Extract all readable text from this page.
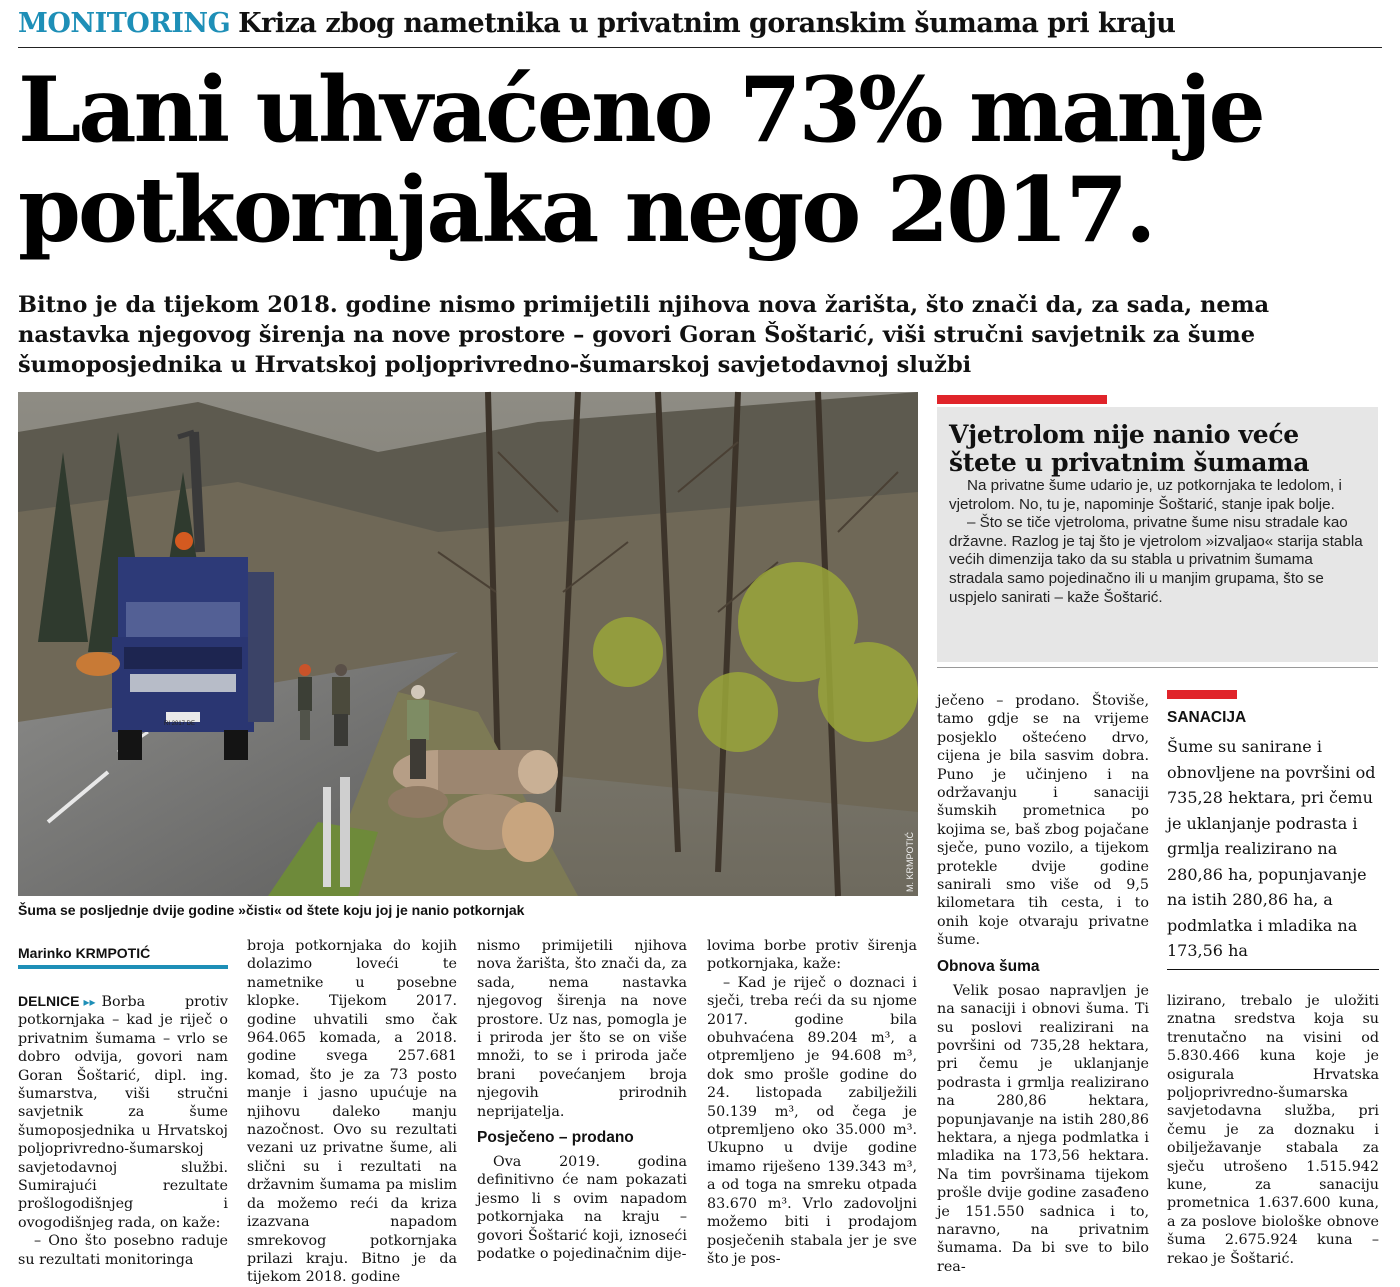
MONITORING Kriza zbog nametnika u privatnim goranskim šumama pri kraju
Lani uhvaćeno 73% manje
potkornjaka nego 2017.

Bitno je da tijekom 2018. godine nismo primijetili njihova nova žarišta, što znači da, za sada, nema nastavka njegovog širenja na nove prostore – govori Goran Šoštarić, viši stručni savjetnik za šume šumoposjednika u Hrvatskoj poljoprivredno-šumarskoj savjetodavnoj službi

M. KRMPOTIĆ
RI 2017 DE
Šuma se posljednje dvije godine »čisti« od štete koju joj je nanio potkornjak
Vjetrolom nije nanio veće štete u privatnim šumama

Na privatne šume udario je, uz potkornjaka te ledolom, i vjetrolom. No, tu je, napominje Šoštarić, stanje ipak bolje.

– Što se tiče vjetroloma, privatne šume nisu stradale kao državne. Razlog je taj što je vjetrolom »izvaljao« starija stabla većih dimenzija tako da su stabla u privatnim šumama stradala samo pojedinačno ili u manjim grupama, što se uspjelo sanirati – kaže Šoštarić.

Marinko KRMPOTIĆ

DELNICE ▸▸ Borba protiv potkornjaka – kad je riječ o privatnim šumama – vrlo se dobro odvija, govori nam Goran Šoštarić, dipl. ing. šumarstva, viši stručni savjetnik za šume šumoposjednika u Hrvatskoj poljoprivredno-šumarskoj savjetodavnoj službi. Sumirajući rezultate prošlogodišnjeg i ovogodišnjeg rada, on kaže:

– Ono što posebno raduje su rezultati monitoringa

broja potkornjaka do kojih dolazimo loveći te nametnike u posebne klopke. Tijekom 2017. godine uhvatili smo čak 964.065 komada, a 2018. godine svega 257.681 komad, što je za 73 posto manje i jasno upućuje na njihovu daleko manju nazočnost. Ovo su rezultati vezani uz privatne šume, ali slični su i rezultati na državnim šumama pa mislim da možemo reći da kriza izazvana napadom smrekovog potkornjaka prilazi kraju. Bitno je da tijekom 2018. godine

nismo primijetili njihova nova žarišta, što znači da, za sada, nema nastavka njegovog širenja na nove prostore. Uz nas, pomogla je i priroda jer što se on više množi, to se i priroda jače brani povećanjem broja njegovih prirodnih neprijatelja.

Posječeno – prodano

Ova 2019. godina definitivno će nam pokazati jesmo li s ovim napadom potkornjaka na kraju – govori Šoštarić koji, iznoseći podatke o pojedinačnim dije-

lovima borbe protiv širenja potkornjaka, kaže:

– Kad je riječ o doznaci i sječi, treba reći da su njome 2017. godine bila obuhvaćena 89.204 m³, a otpremljeno je 94.608 m³, dok smo prošle godine do 24. listopada zabilježili 50.139 m³, od čega je otpremljeno oko 35.000 m³. Ukupno u dvije godine imamo riješeno 139.343 m³, a od toga na smreku otpada 83.670 m³. Vrlo zadovoljni možemo biti i prodajom posječenih stabala jer je sve što je pos-

ječeno – prodano. Štoviše, tamo gdje se na vrijeme posjeklo oštećeno drvo, cijena je bila sasvim dobra. Puno je učinjeno i na održavanju i sanaciji šumskih prometnica po kojima se, baš zbog pojačane sječe, puno vozilo, a tijekom protekle dvije godine sanirali smo više od 9,5 kilometara tih cesta, i to onih koje otvaraju privatne šume.

Obnova šuma

Velik posao napravljen je na sanaciji i obnovi šuma. Ti su poslovi realizirani na površini od 735,28 hektara, pri čemu je uklanjanje podrasta i grmlja realizirano na 280,86 hektara, popunjavanje na istih 280,86 hektara, a njega podmlatka i mladika na 173,56 hektara. Na tim površinama tijekom prošle dvije godine zasađeno je 151.550 sadnica i to, naravno, na privatnim šumama. Da bi sve to bilo rea-

SANACIJA
Šume su sanirane i obnovljene na površini od 735,28 hektara, pri čemu je uklanjanje podrasta i grmlja realizirano na 280,86 ha, popunjavanje na istih 280,86 ha, a podmlatka i mladika na 173,56 ha

lizirano, trebalo je uložiti znatna sredstva koja su trenutačno na visini od 5.830.466 kuna koje je osigurala Hrvatska poljoprivredno-šumarska savjetodavna služba, pri čemu je za doznaku i obilježavanje stabala za sječu utrošeno 1.515.942 kune, za sanaciju prometnica 1.637.600 kuna, a za poslove biološke obnove šuma 2.675.924 kuna – rekao je Šoštarić.
